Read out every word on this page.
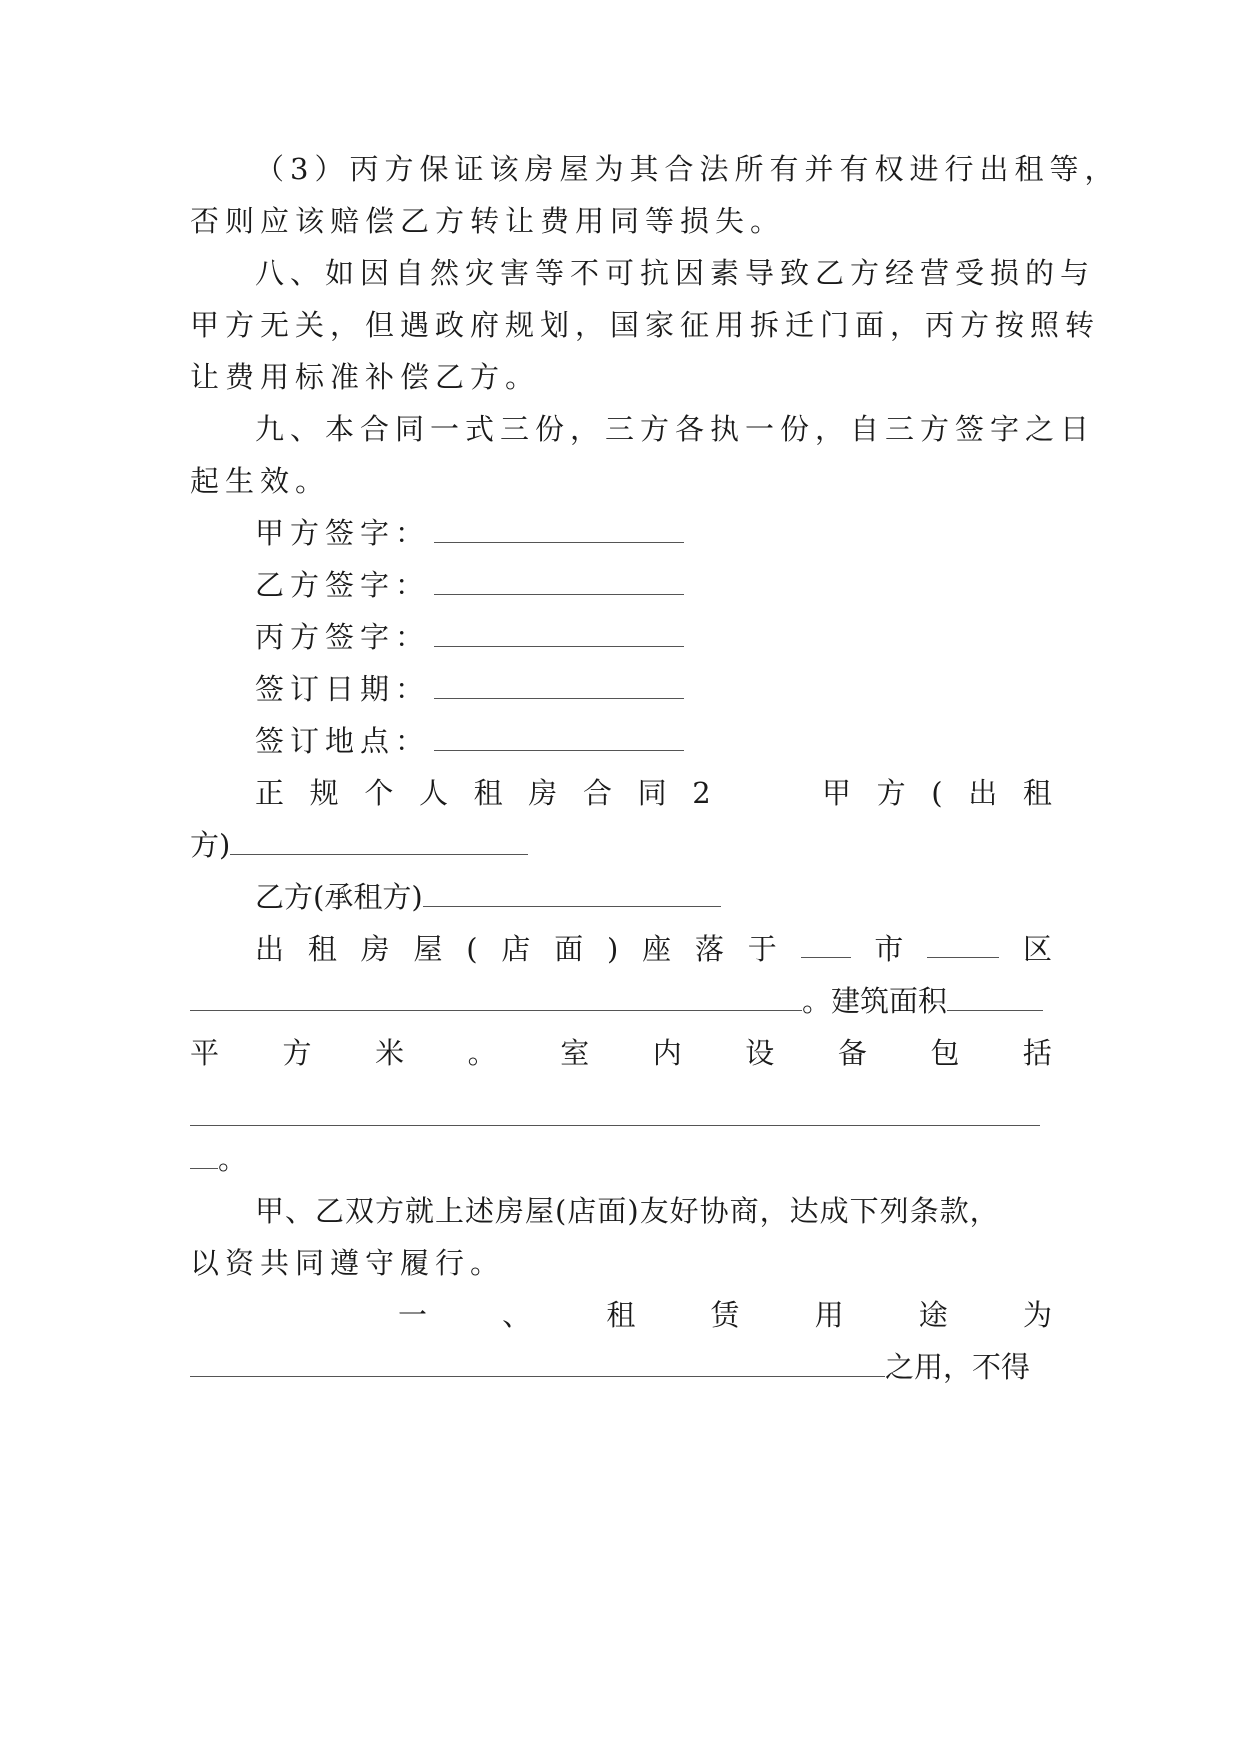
（3）丙方保证该房屋为其合法所有并有权进行出租等，
否则应该赔偿乙方转让费用同等损失。
八、如因自然灾害等不可抗因素导致乙方经营受损的与
甲方无关，但遇政府规划，国家征用拆迁门面，丙方按照转
让费用标准补偿乙方。
九、本合同一式三份，三方各执一份，自三方签字之日
起生效。
甲方签字：
乙方签字：
丙方签字：
签订日期：
签订地点：
正 规 个 人 租 房 合 同 2	甲 方 ( 出 租
方)
乙方(承租方)
出 租 房 屋 ( 店 面 ) 座 落 于	市	区
。建筑面积
平 方 米 。 室 内 设 备 包 括
。
甲、乙双方就上述房屋(店面)友好协商，达成下列条款，
以资共同遵守履行。
一	、	租	赁	用	途	为
之用，不得
